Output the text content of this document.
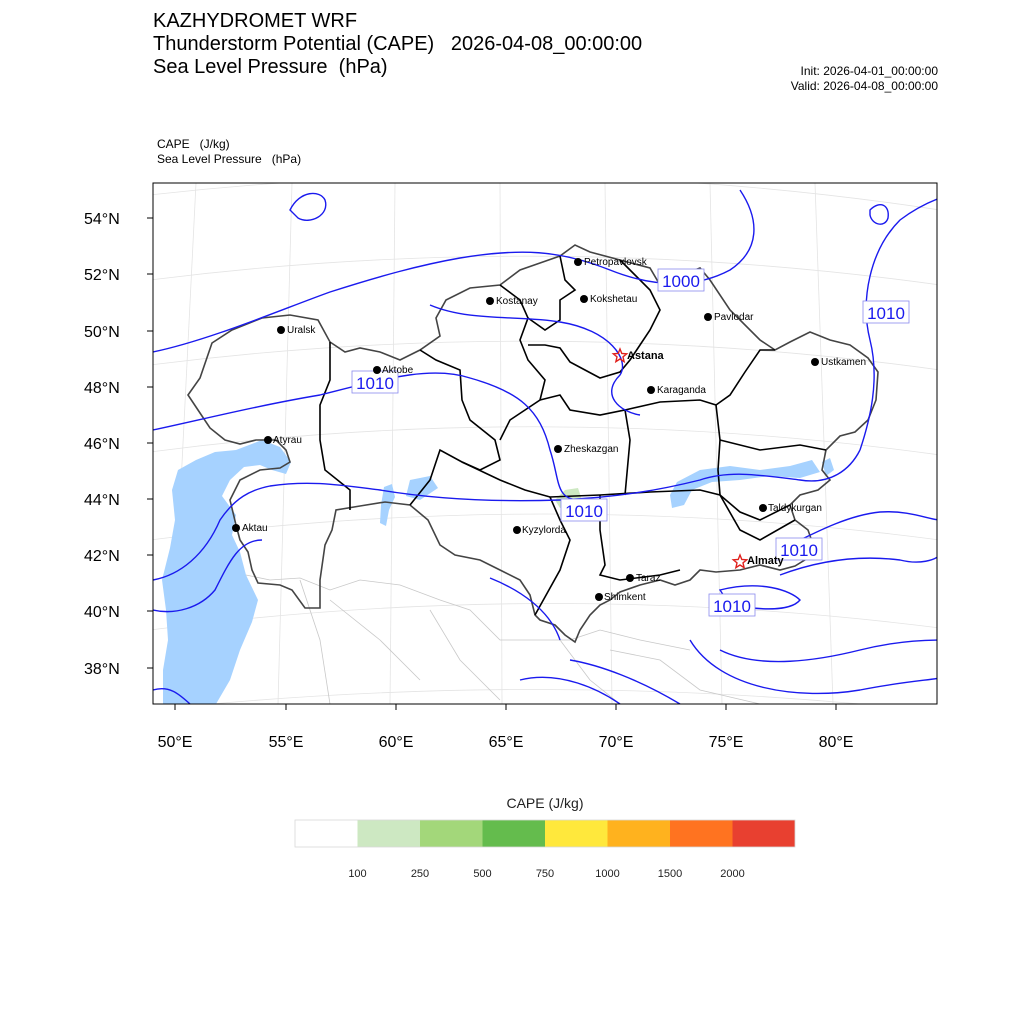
KAZHYDROMET WRF
Thunderstorm Potential (CAPE)   2026-04-08_00:00:00
Sea Level Pressure  (hPa)	Init: 2026-04-01_00:00:00
Valid: 2026-04-08_00:00:00
CAPE   (J/kg)
Sea Level Pressure   (hPa)
1000
1010
1010
1010
1010
1010
Petropavlovsk
Kostanay	Kokshetau
Pavlodar
Uralsk
Astana
Aktobe
Ustkamen
Karaganda
Atyrau
Zheskazgan
Taldykurgan
Aktau	Kyzylorda
Almaty
Taraz
Shimkent
54°N
52°N
50°N
48°N
46°N
44°N
42°N
40°N
38°N
50°E	55°E	60°E	65°E	70°E	75°E	80°E
CAPE (J/kg)
100	250	500	750	1000	1500	2000
